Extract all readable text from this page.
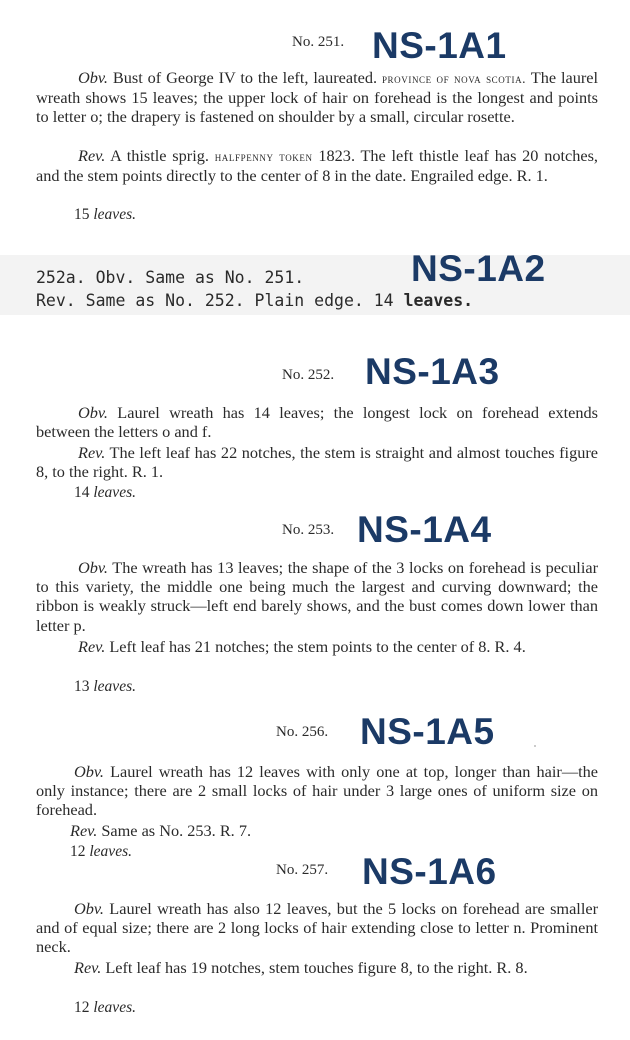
No. 251. NS-1A1

Obv. Bust of George IV to the left, laureated. province of nova scotia. The laurel wreath shows 15 leaves; the upper lock of hair on forehead is the longest and points to letter o; the drapery is fastened on shoulder by a small, circular rosette.

Rev. A thistle sprig. halfpenny token 1823. The left thistle leaf has 20 notches, and the stem points directly to the center of 8 in the date. Engrailed edge. R. 1.

15 leaves.
252a. Obv. Same as No. 251.	NS-1A2
Rev. Same as No. 252. Plain edge. 14 leaves.
No. 252. NS-1A3

Obv. Laurel wreath has 14 leaves; the longest lock on forehead extends between the letters o and f.

Rev. The left leaf has 22 notches, the stem is straight and almost touches figure 8, to the right. R. 1.

14 leaves.
No. 253. NS-1A4

Obv. The wreath has 13 leaves; the shape of the 3 locks on forehead is peculiar to this variety, the middle one being much the largest and curving downward; the ribbon is weakly struck—left end barely shows, and the bust comes down lower than letter p.

Rev. Left leaf has 21 notches; the stem points to the center of 8. R. 4.

13 leaves.
No. 256. NS-1A5

Obv. Laurel wreath has 12 leaves with only one at top, longer than hair—the only instance; there are 2 small locks of hair under 3 large ones of uniform size on forehead.

Rev. Same as No. 253. R. 7.

12 leaves.
No. 257. NS-1A6

Obv. Laurel wreath has also 12 leaves, but the 5 locks on forehead are smaller and of equal size; there are 2 long locks of hair extending close to letter n. Prominent neck.

Rev. Left leaf has 19 notches, stem touches figure 8, to the right. R. 8.

12 leaves.
